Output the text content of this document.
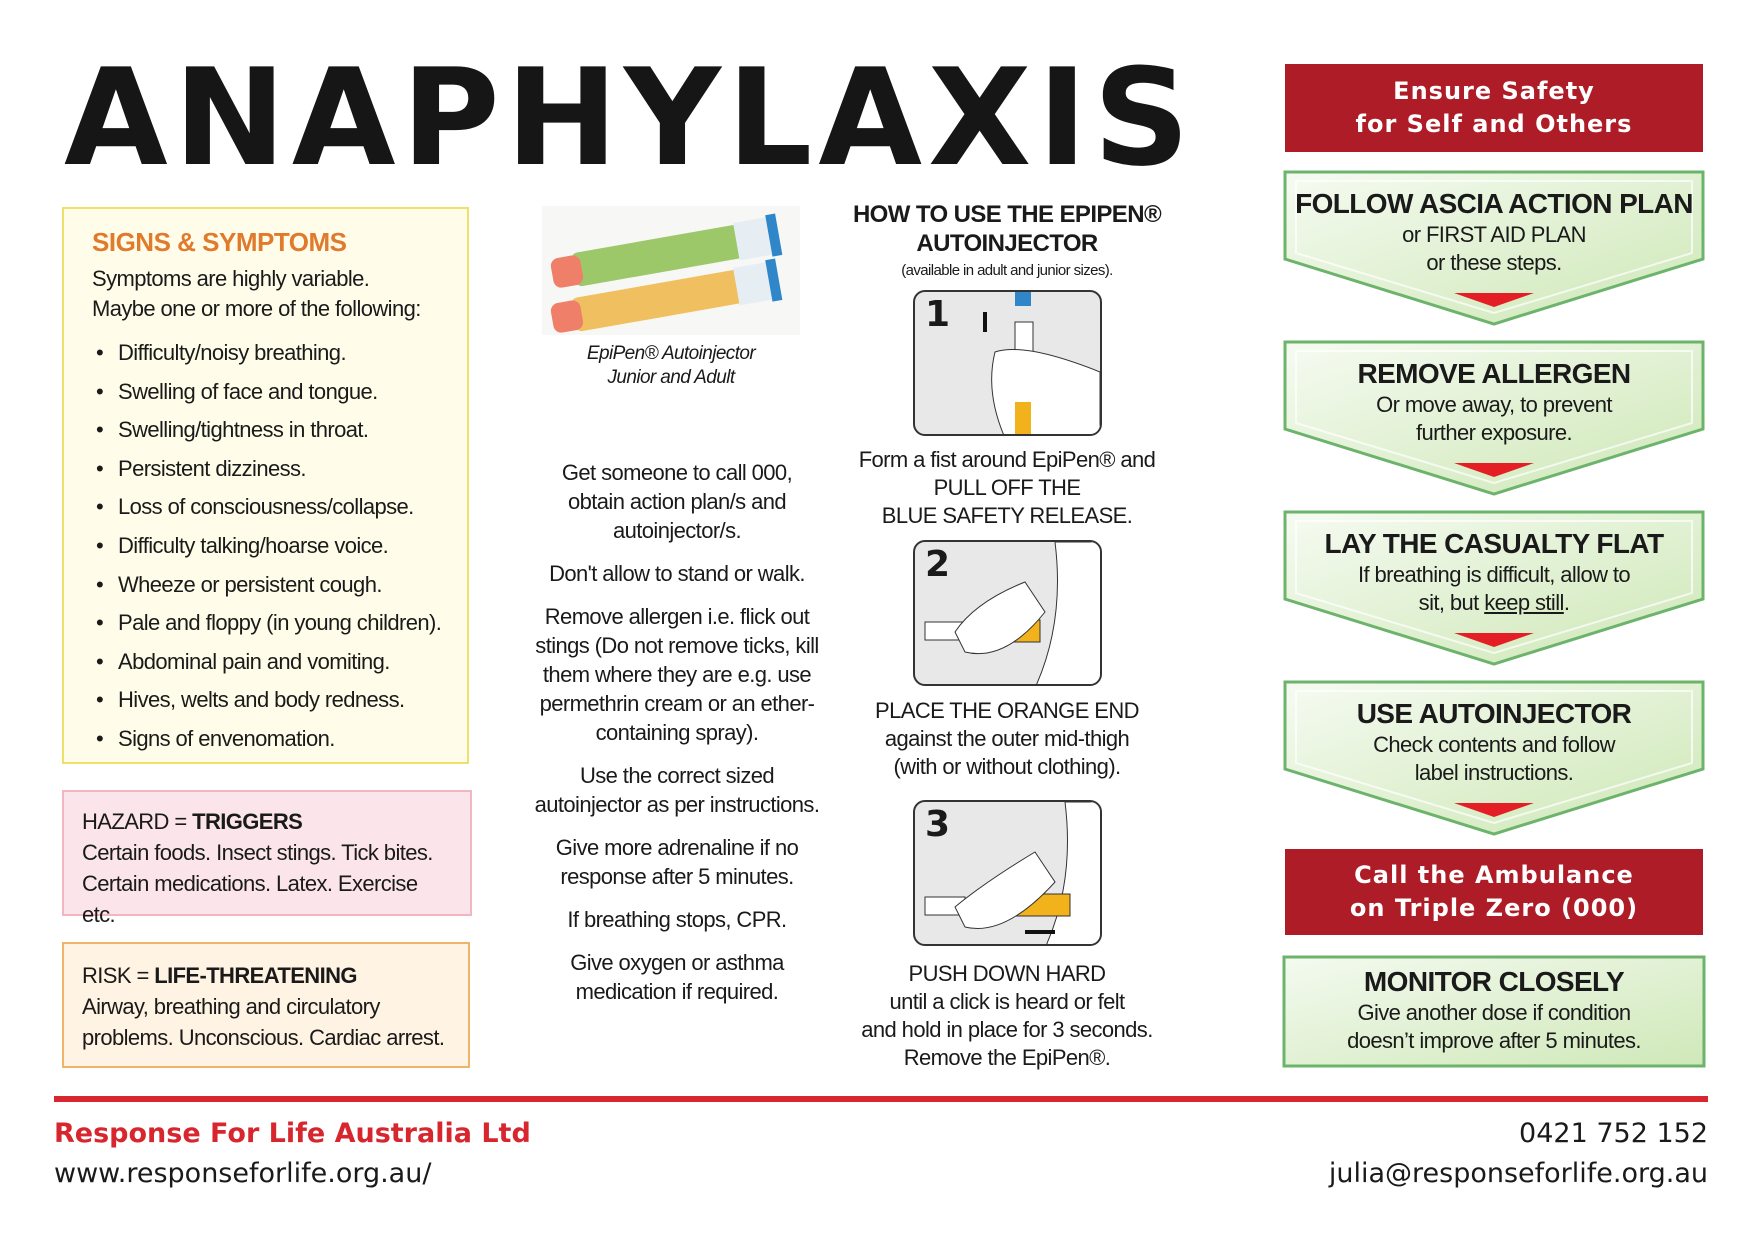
ANAPHYLAXIS
SIGNS & SYMPTOMS

Symptoms are highly variable.

Maybe one or more of the following:

• Difficulty/noisy breathing.
• Swelling of face and tongue.
• Swelling/tightness in throat.
• Persistent dizziness.
• Loss of consciousness/collapse.
• Difficulty talking/hoarse voice.
• Wheeze or persistent cough.
• Pale and floppy (in young children).
• Abdominal pain and vomiting.
• Hives, welts and body redness.
• Signs of envenomation.
HAZARD = TRIGGERS
Certain foods. Insect stings. Tick bites.
Certain medications. Latex. Exercise etc.
RISK = LIFE-THREATENING
Airway, breathing and circulatory
problems. Unconscious. Cardiac arrest.
EpiPen® Autoinjector
Junior and Adult

Get someone to call 000, obtain action plan/s and autoinjector/s.

Don't allow to stand or walk.

Remove allergen i.e. flick out stings (Do not remove ticks, kill them where they are e.g. use permethrin cream or an ether-containing spray).

Use the correct sized autoinjector as per instructions.

Give more adrenaline if no response after 5 minutes.

If breathing stops, CPR.

Give oxygen or asthma medication if required.

HOW TO USE THE EPIPEN®
AUTOINJECTOR
(available in adult and junior sizes).
1
Form a fist around EpiPen® and
PULL OFF THE
BLUE SAFETY RELEASE.
2
PLACE THE ORANGE END
against the outer mid-thigh
(with or without clothing).
3
PUSH DOWN HARD
until a click is heard or felt
and hold in place for 3 seconds.
Remove the EpiPen®.
Ensure Safety
for Self and Others
FOLLOW ASCIA ACTION PLAN

or FIRST AID PLAN

or these steps.

REMOVE ALLERGEN

Or move away, to prevent

further exposure.

LAY THE CASUALTY FLAT

If breathing is difficult, allow to

sit, but keep still.

USE AUTOINJECTOR

Check contents and follow

label instructions.

Call the Ambulance
on Triple Zero (000)
MONITOR CLOSELY

Give another dose if condition

doesn’t improve after 5 minutes.

Response For Life Australia Ltd
www.responseforlife.org.au/
0421 752 152
julia@responseforlife.org.au
